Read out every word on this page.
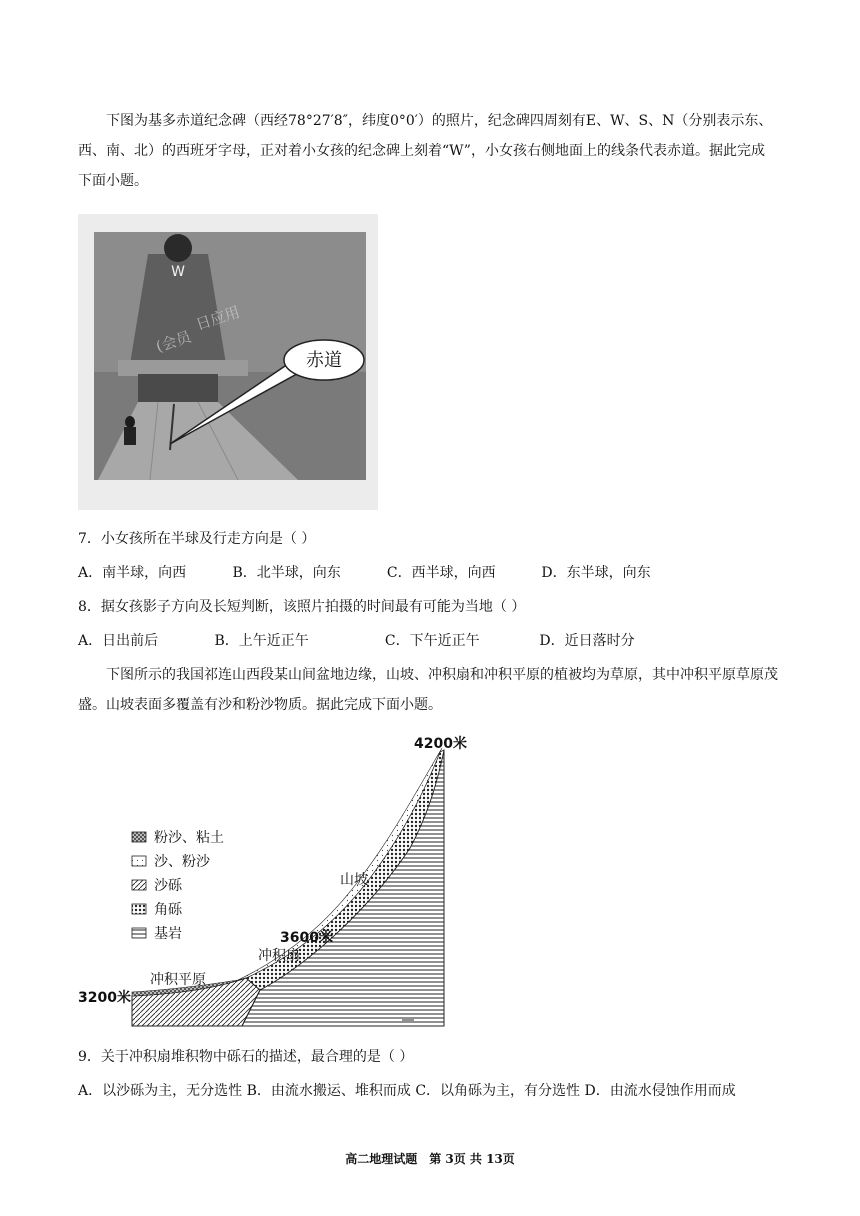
下图为基多赤道纪念碑（西经78°27′8″，纬度0°0′）的照片，纪念碑四周刻有E、W、S、N（分别表示东、西、南、北）的西班牙字母，正对着小女孩的纪念碑上刻着“W”，小女孩右侧地面上的线条代表赤道。据此完成下面小题。
赤道
W
日应用
(会员
7．小女孩所在半球及行走方向是（ ）
A．南半球，向西	B．北半球，向东	C．西半球，向西	D．东半球，向东
8．据女孩影子方向及长短判断，该照片拍摄的时间最有可能为当地（ ）
A．日出前后	B．上午近正午	C．下午近正午	D．近日落时分
下图所示的我国祁连山西段某山间盆地边缘，山坡、冲积扇和冲积平原的植被均为草原，其中冲积平原草原茂盛。山坡表面多覆盖有沙和粉沙物质。据此完成下面小题。
粉沙、粘土
沙、粉沙
沙砾
角砾
基岩
4200米
山坡
3600米
冲积扇
冲积平原
3200米
9．关于冲积扇堆积物中砾石的描述，最合理的是（ ）
A．以沙砾为主，无分选性 B．由流水搬运、堆积而成 C．以角砾为主，有分选性 D．由流水侵蚀作用而成
高二地理试题　第 3页 共 13页
